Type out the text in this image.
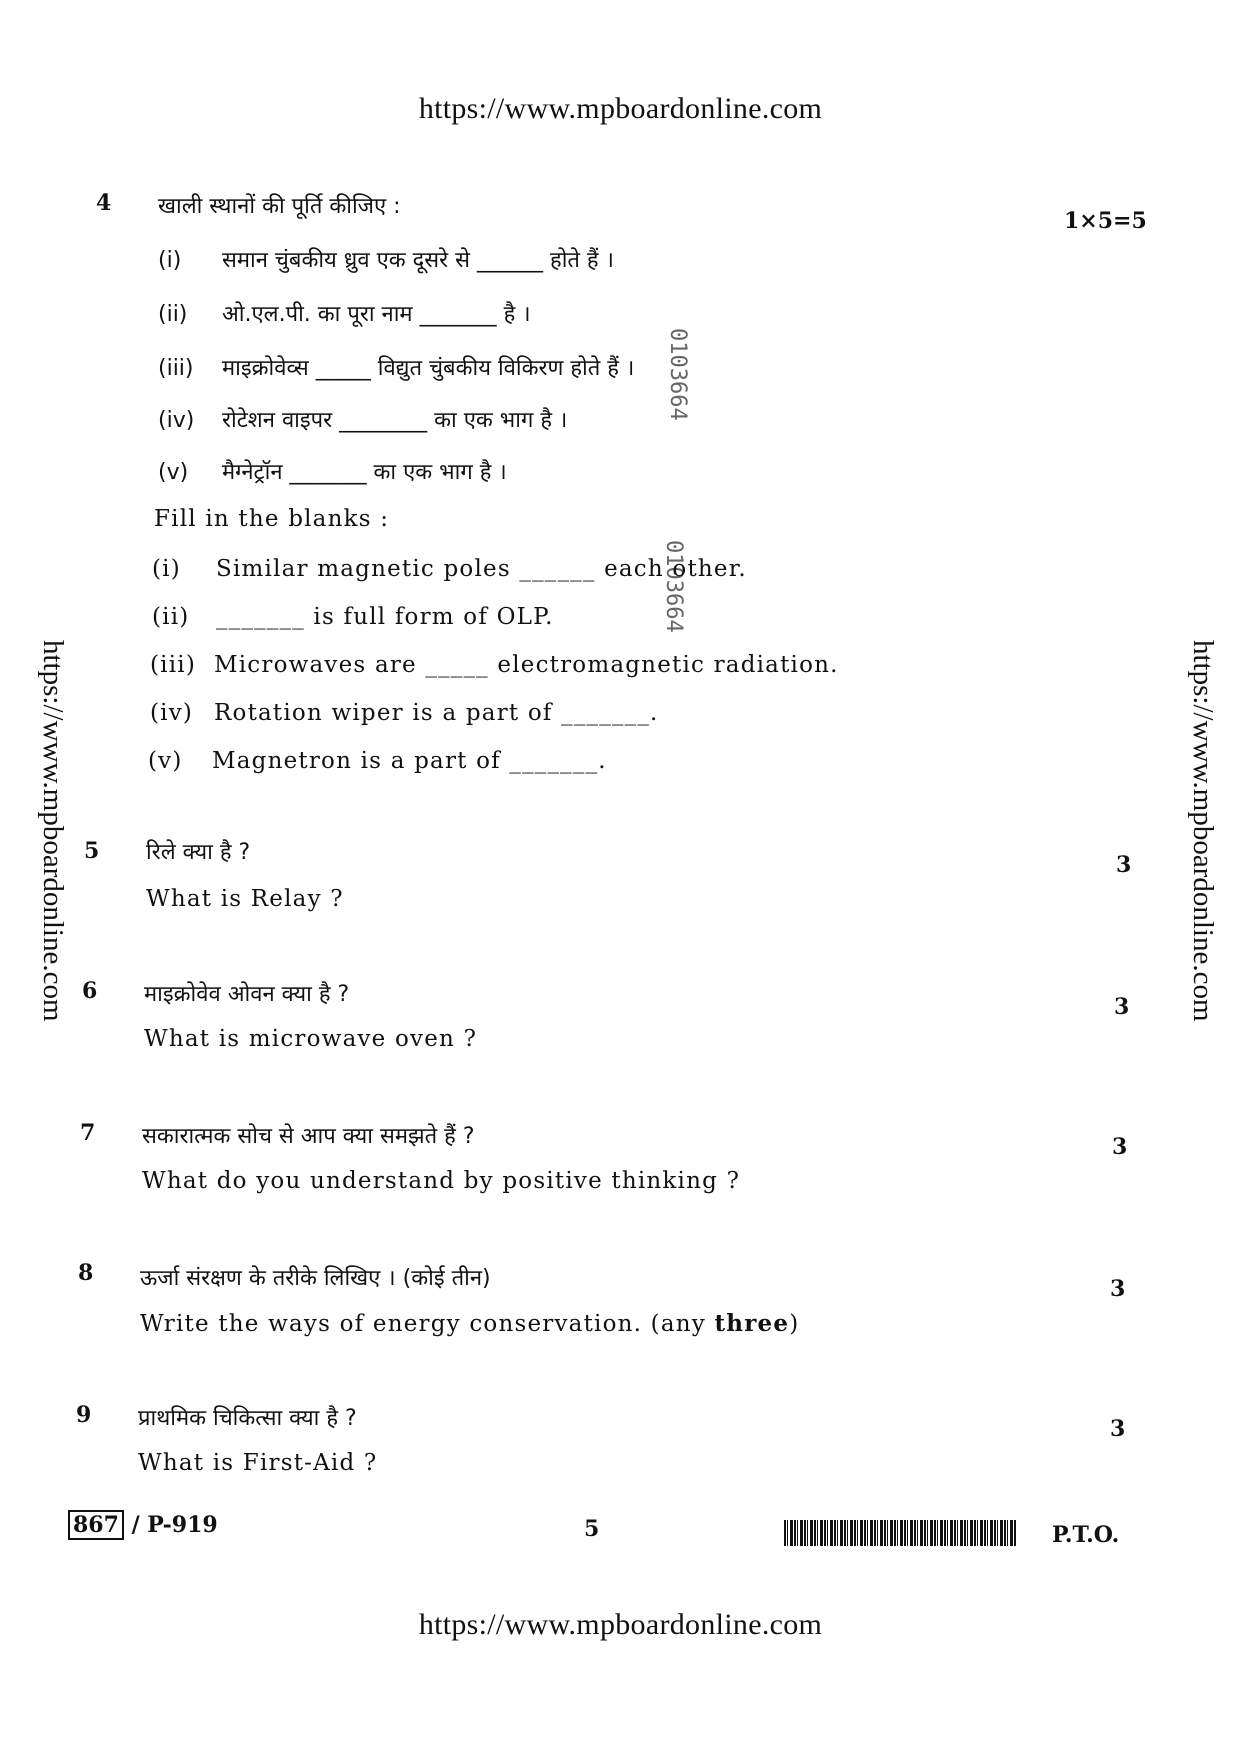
https://www.mpboardonline.com
https://www.mpboardonline.com	https://www.mpboardonline.com
https://www.mpboardonline.com
0103664
0103664
4 खाली स्थानों की पूर्ति कीजिए :
1×5=5
(i) समान चुंबकीय ध्रुव एक दूसरे से ______ होते हैं ।
(ii) ओ.एल.पी. का पूरा नाम _______ है ।
(iii) माइक्रोवेव्स _____ विद्युत चुंबकीय विकिरण होते हैं ।
(iv) रोटेशन वाइपर ________ का एक भाग है ।
(v) मैग्नेट्रॉन _______ का एक भाग है ।
Fill in the blanks :
(i) Similar magnetic poles ______ each other.
(ii) _______ is full form of OLP.
(iii) Microwaves are _____ electromagnetic radiation.
(iv) Rotation wiper is a part of _______.
(v) Magnetron is a part of _______.
5 रिले क्या है ?
What is Relay ?
3
6 माइक्रोवेव ओवन क्या है ?
What is microwave oven ?
3
7 सकारात्मक सोच से आप क्या समझते हैं ?
What do you understand by positive thinking ?
3
8 ऊर्जा संरक्षण के तरीके लिखिए । (कोई तीन)
Write the ways of energy conservation. (any three)
3
9 प्राथमिक चिकित्सा क्या है ?
What is First-Aid ?
3
867 / P-919	5	P.T.O.
